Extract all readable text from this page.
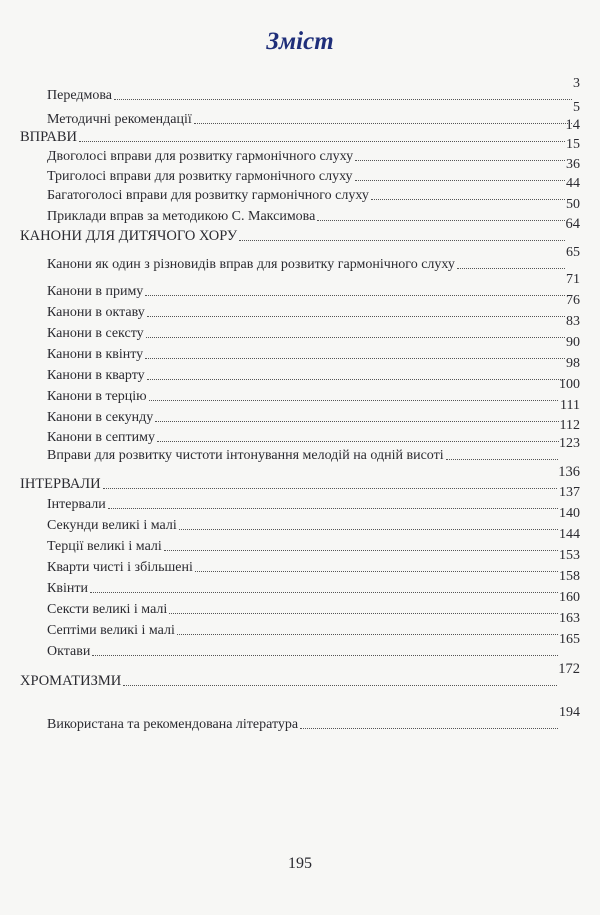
Зміст
Передмова
3
Методичні рекомендації
5
ВПРАВИ
14
Двоголосі вправи для розвитку гармонічного слуху
15
Триголосі вправи для розвитку гармонічного слуху
36
Багатоголосі вправи для розвитку гармонічного слуху
44
Приклади вправ за методикою С. Максимова
50
КАНОНИ ДЛЯ ДИТЯЧОГО ХОРУ
64
Канони як один з різновидів вправ для розвитку гармонічного слуху
65
Канони в приму
71
Канони в октаву
76
Канони в сексту
83
Канони в квінту
90
Канони в кварту
98
Канони в терцію
100
Канони в секунду
111
Канони в септиму
112
Вправи для розвитку чистоти інтонування мелодій на одній висоті
123
ІНТЕРВАЛИ
136
Інтервали
137
Секунди великі і малі
140
Терції великі і малі
144
Кварти чисті і збільшені
153
Квінти
158
Сексти великі і малі
160
Септіми великі і малі
163
Октави
165
ХРОМАТИЗМИ
172
Використана та рекомендована література
194
195
